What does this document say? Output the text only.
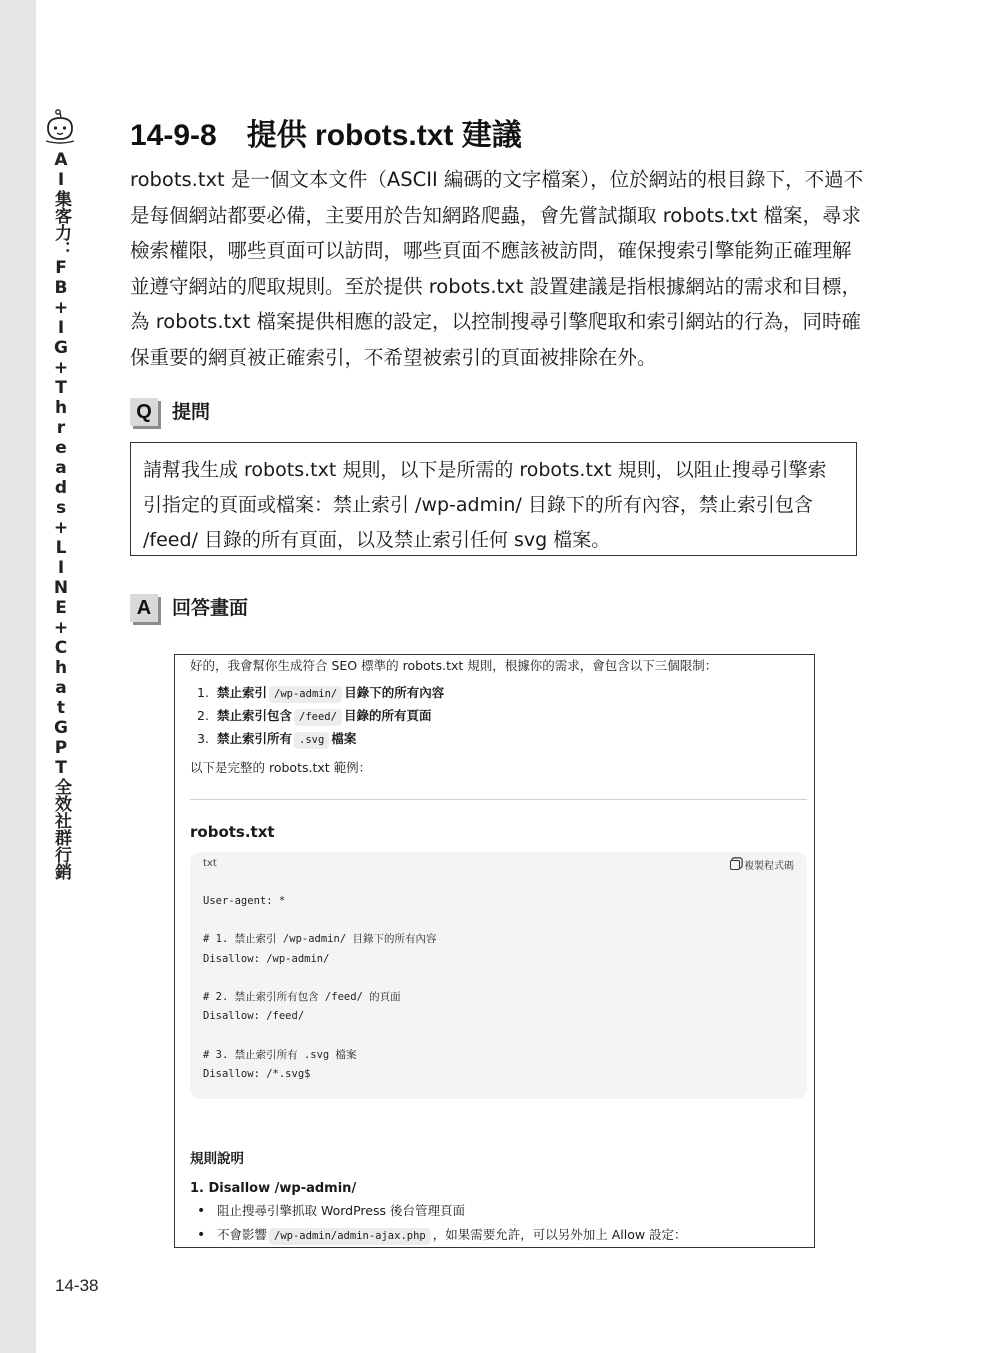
AI集客力：FB+IG+Threads+LINE+ChatGPT全效社群行銷
14-38
14-9-8 提供 robots.txt 建議

robots.txt 是一個文本文件（ASCII 編碼的文字檔案），位於網站的根目錄下，不過不是每個網站都要必備，主要用於告知網路爬蟲，會先嘗試擷取 robots.txt 檔案，尋求檢索權限，哪些頁面可以訪問，哪些頁面不應該被訪問，確保搜索引擎能夠正確理解並遵守網站的爬取規則。至於提供 robots.txt 設置建議是指根據網站的需求和目標，為 robots.txt 檔案提供相應的設定，以控制搜尋引擎爬取和索引網站的行為，同時確保重要的網頁被正確索引，不希望被索引的頁面被排除在外。

Q	提問

請幫我生成 robots.txt 規則，以下是所需的 robots.txt 規則，以阻止搜尋引擎索引指定的頁面或檔案：禁止索引 /wp-admin/ 目錄下的所有內容，禁止索引包含 /feed/ 目錄的所有頁面，以及禁止索引任何 svg 檔案。

A	回答畫面
好的，我會幫你生成符合 SEO 標準的 robots.txt 規則，根據你的需求，會包含以下三個限制：
1. 禁止索引 /wp-admin/ 目錄下的所有內容
2. 禁止索引包含 /feed/ 目錄的所有頁面
3. 禁止索引所有 .svg 檔案
以下是完整的 robots.txt 範例：
robots.txt
txt	複製程式碼
User-agent: *

# 1. 禁止索引 /wp-admin/ 目錄下的所有內容
Disallow: /wp-admin/

# 2. 禁止索引所有包含 /feed/ 的頁面
Disallow: /feed/

# 3. 禁止索引所有 .svg 檔案
Disallow: /*.svg$
規則說明
1. Disallow /wp-admin/
• 阻止搜尋引擎抓取 WordPress 後台管理頁面
• 不會影響 /wp-admin/admin-ajax.php ，如果需要允許，可以另外加上 Allow 設定：
